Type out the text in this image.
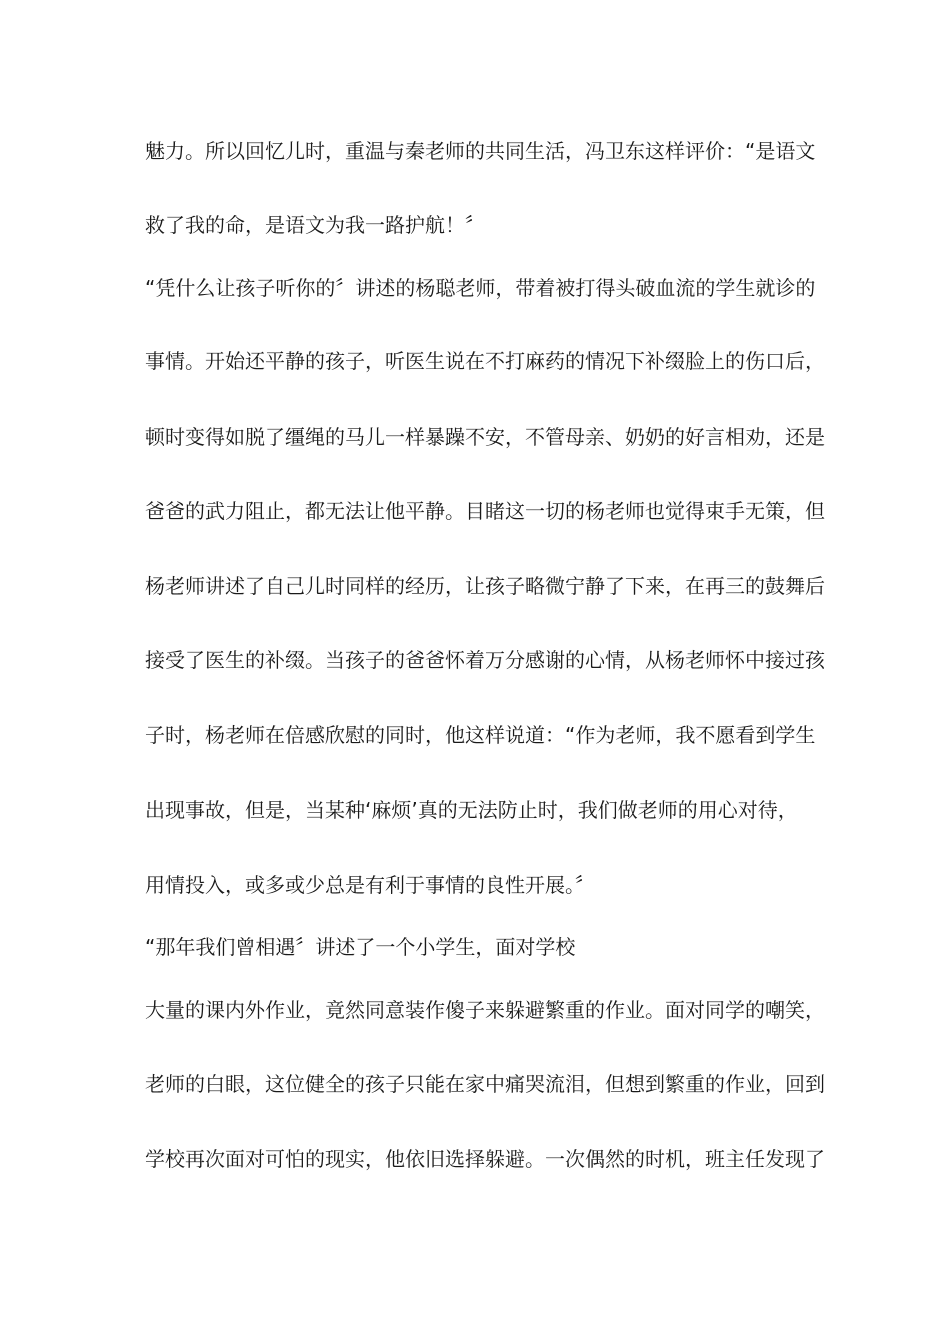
魅力。所以回忆儿时，重温与秦老师的共同生活，冯卫东这样评价：“是语文
救了我的命，是语文为我一路护航！〞
“凭什么让孩子听你的〞讲述的杨聪老师，带着被打得头破血流的学生就诊的
事情。开始还平静的孩子，听医生说在不打麻药的情况下补缀脸上的伤口后，
顿时变得如脱了缰绳的马儿一样暴躁不安，不管母亲、奶奶的好言相劝，还是
爸爸的武力阻止，都无法让他平静。目睹这一切的杨老师也觉得束手无策，但
杨老师讲述了自己儿时同样的经历，让孩子略微宁静了下来，在再三的鼓舞后
接受了医生的补缀。当孩子的爸爸怀着万分感谢的心情，从杨老师怀中接过孩
子时，杨老师在倍感欣慰的同时，他这样说道：“作为老师，我不愿看到学生
出现事故，但是，当某种‘麻烦’真的无法防止时，我们做老师的用心对待，
用情投入，或多或少总是有利于事情的良性开展。〞
“那年我们曾相遇〞讲述了一个小学生，面对学校
大量的课内外作业，竟然同意装作傻子来躲避繁重的作业。面对同学的嘲笑，
老师的白眼，这位健全的孩子只能在家中痛哭流泪，但想到繁重的作业，回到
学校再次面对可怕的现实，他依旧选择躲避。一次偶然的时机，班主任发现了
